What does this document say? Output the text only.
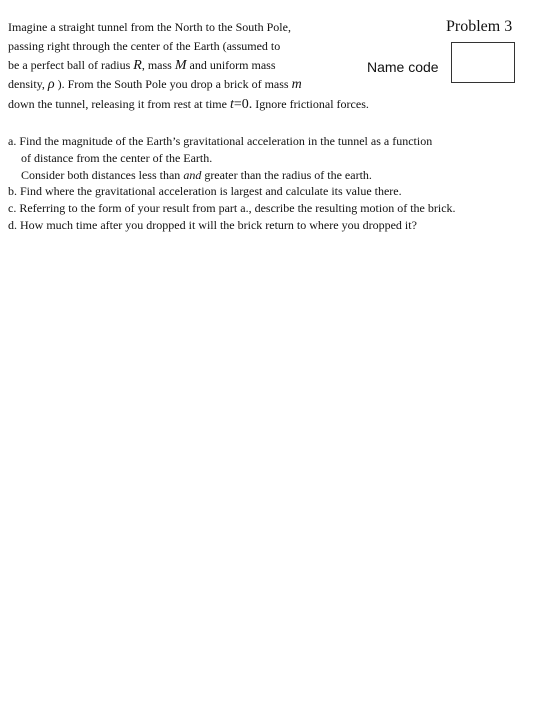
Problem 3
Name code
Imagine a straight tunnel from the North to the South Pole,
passing right through the center of the Earth (assumed to
be a perfect ball of radius R, mass M and uniform mass
density, ρ ). From the South Pole you drop a brick of mass m
down the tunnel, releasing it from rest at time t=0. Ignore frictional forces.
a. Find the magnitude of the Earth’s gravitational acceleration in the tunnel as a function
of distance from the center of the Earth.
Consider both distances less than and greater than the radius of the earth.
b. Find where the gravitational acceleration is largest and calculate its value there.
c. Referring to the form of your result from part a., describe the resulting motion of the brick.
d. How much time after you dropped it will the brick return to where you dropped it?
